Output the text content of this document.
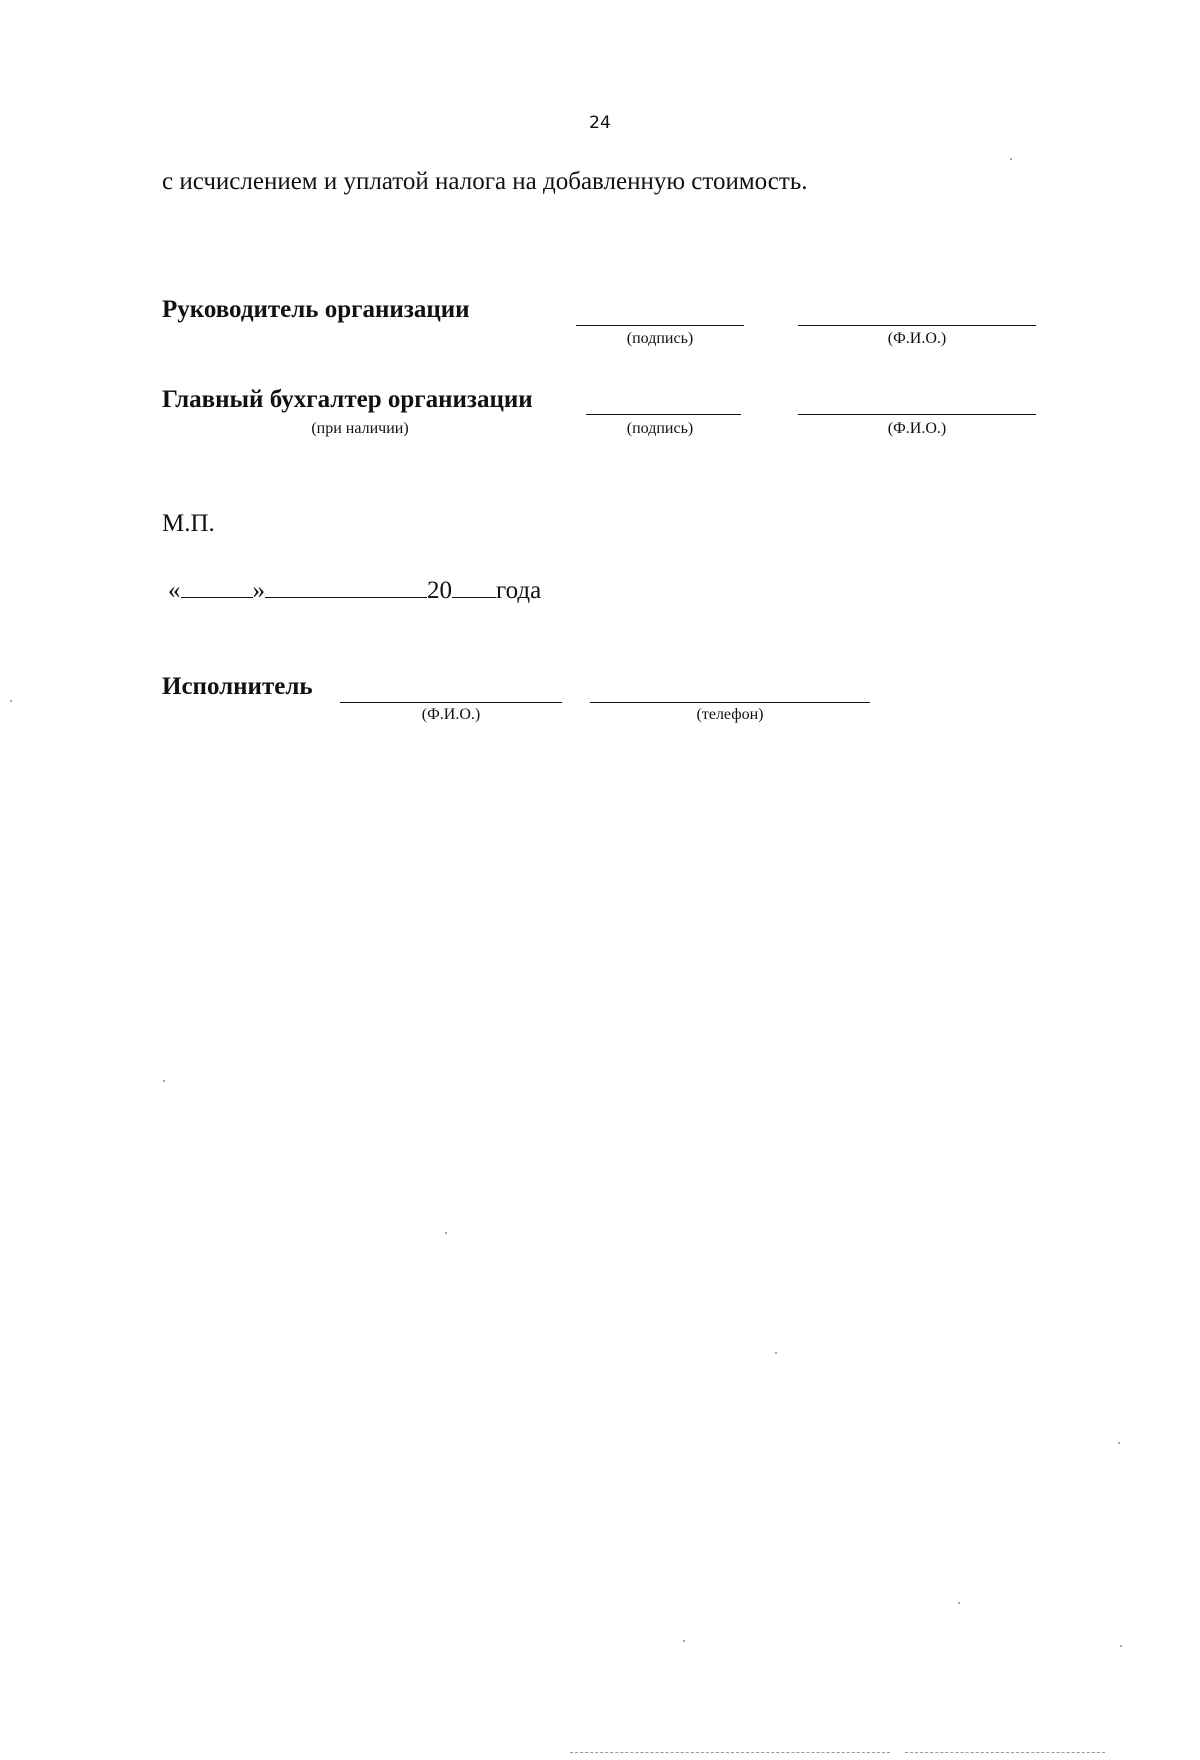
24
с исчислением и уплатой налога на добавленную стоимость.
Руководитель организации
(подпись)	(Ф.И.О.)
Главный бухгалтер организации
(при наличии)	(подпись)	(Ф.И.О.)
М.П.
«	»	20 года
Исполнитель
(Ф.И.О.)	(телефон)
